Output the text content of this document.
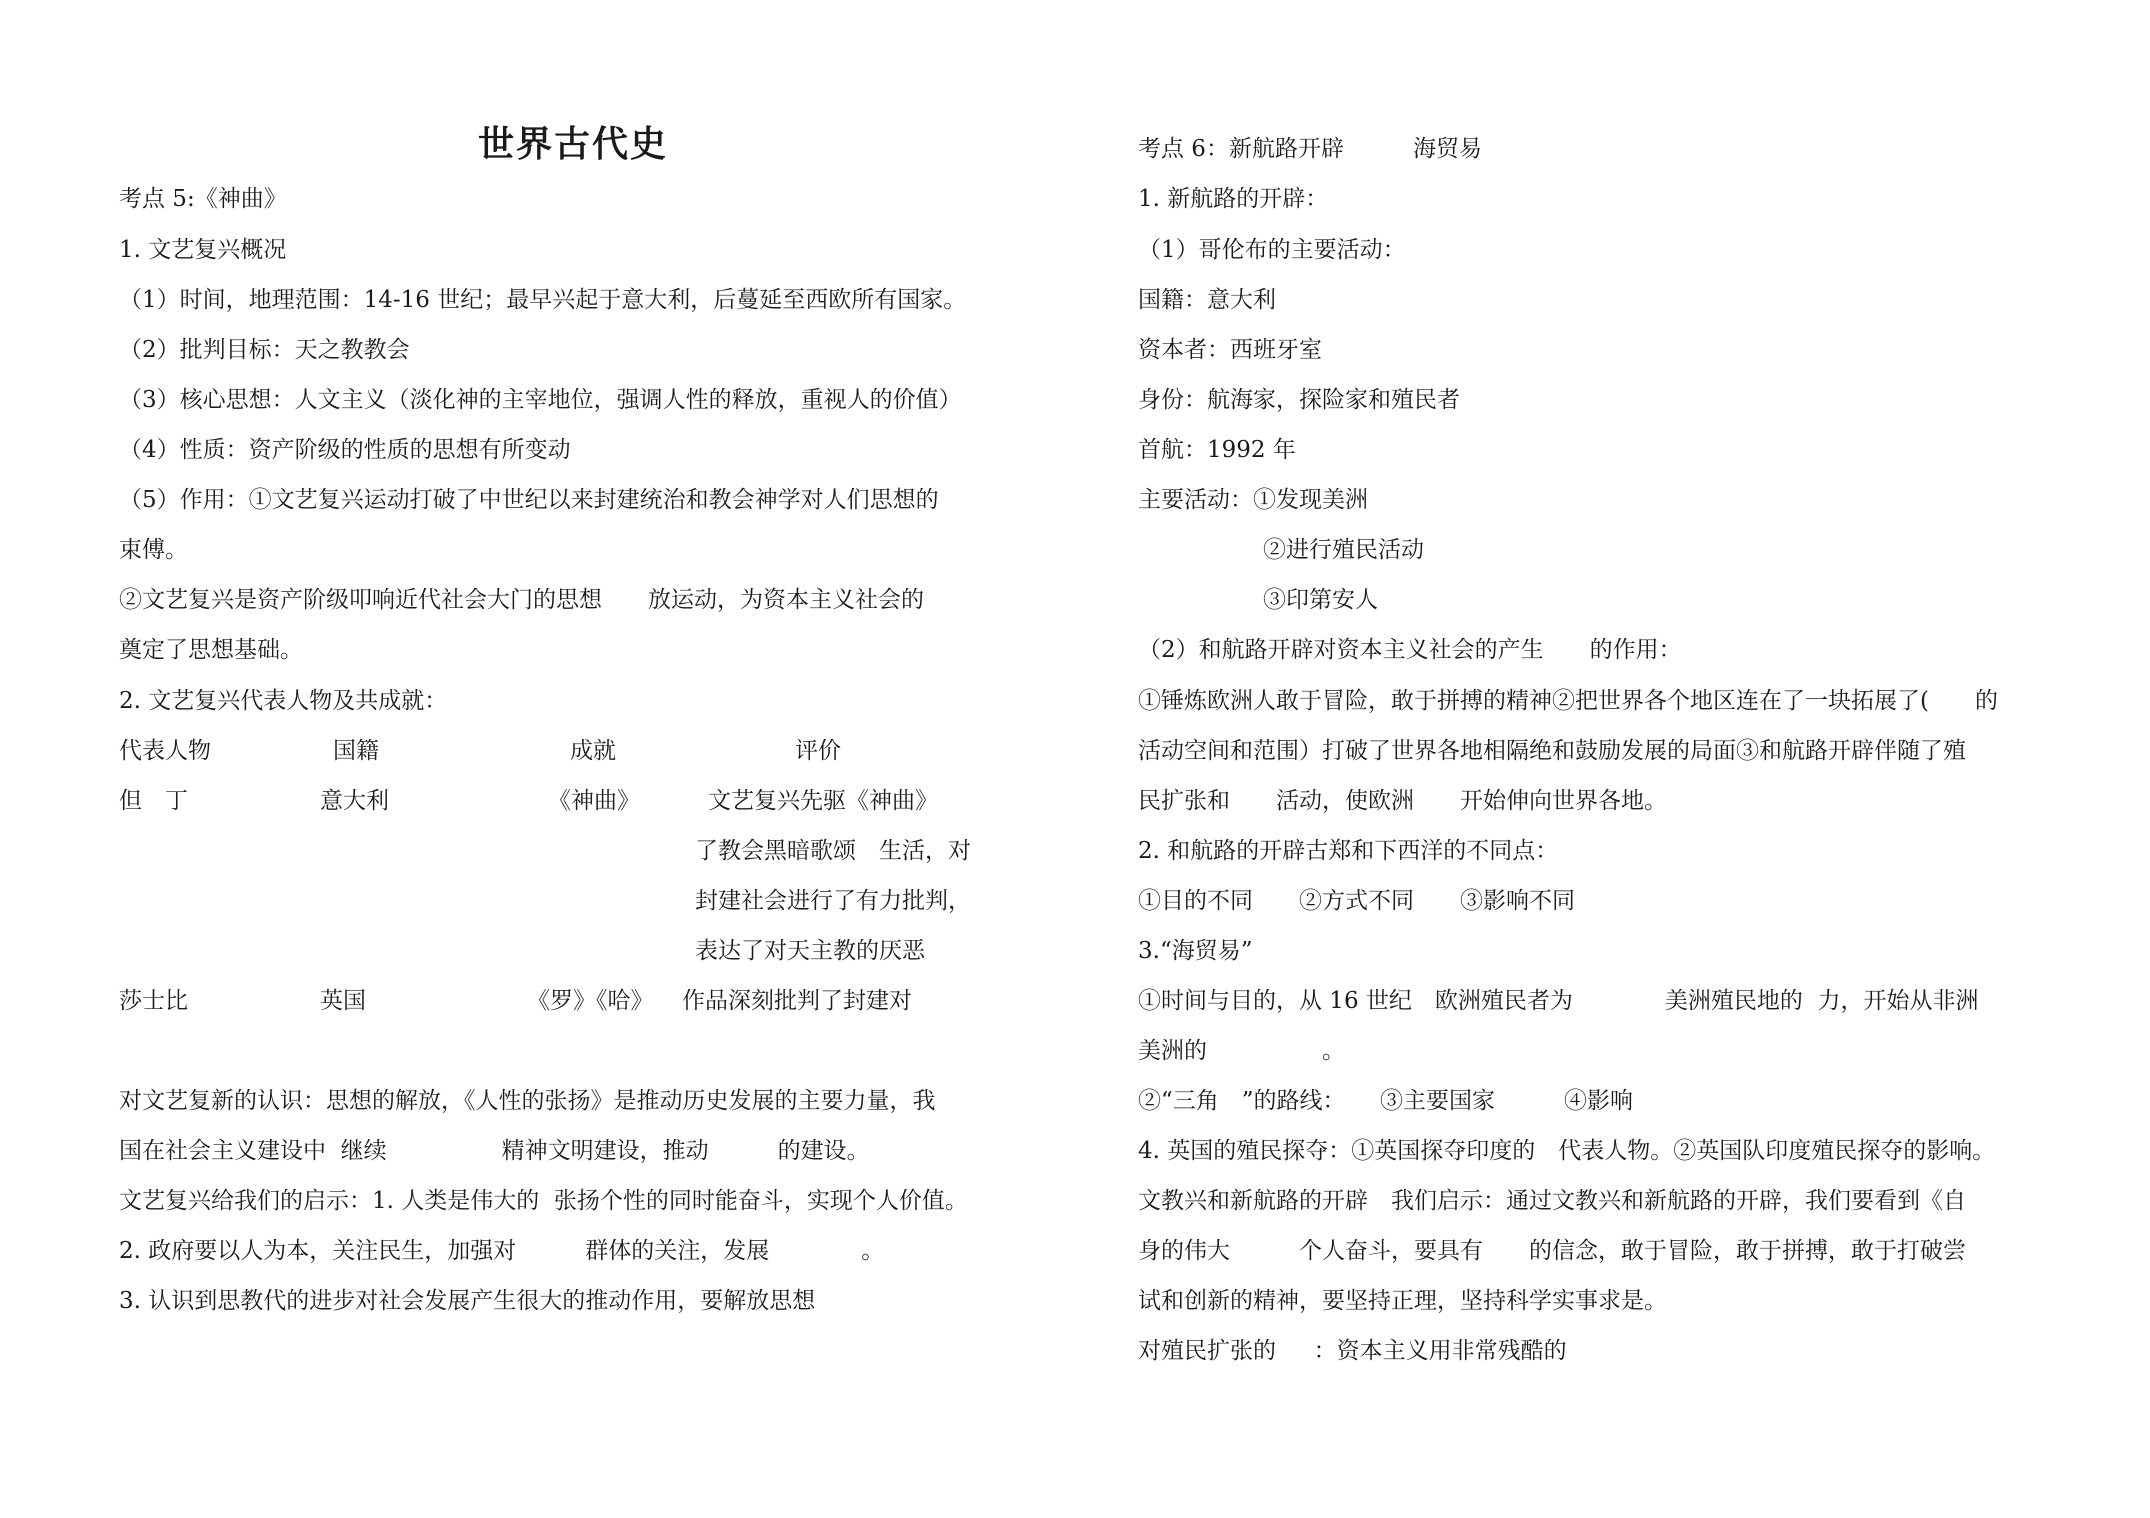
世界古代史
考点 5:《神曲》
1. 文艺复兴概况
（1）时间，地理范围：14-16 世纪；最早兴起于意大利，后蔓延至西欧所有国家。
（2）批判目标：天之教教会
（3）核心思想：人文主义（淡化神的主宰地位，强调人性的释放，重视人的价值）
（4）性质：资产阶级的性质的思想有所变动
（5）作用：①文艺复兴运动打破了中世纪以来封建统治和教会神学对人们思想的
束傅。
②文艺复兴是资产阶级叩响近代社会大门的思想　　放运动，为资本主义社会的
奠定了思想基础。
2. 文艺复兴代表人物及共成就：
代表人物	国籍	成就	评价
但　丁	意大利	《神曲》	文艺复兴先驱《神曲》
了教会黑暗歌颂　生活，对
封建社会进行了有力批判，
表达了对天主教的厌恶
莎士比	英国	《罗》《哈》 作品深刻批判了封建对
对文艺复新的认识：思想的解放，《人性的张扬》是推动历史发展的主要力量，我
国在社会主义建设中  继续　　　　　精神文明建设，推动　　　的建设。
文艺复兴给我们的启示：1. 人类是伟大的  张扬个性的同时能奋斗，实现个人价值。
2. 政府要以人为本，关注民生，加强对　　　群体的关注，发展　　　　。
3. 认识到思教代的进步对社会发展产生很大的推动作用，要解放思想
考点 6：新航路开辟　　　海贸易
1. 新航路的开辟：
（1）哥伦布的主要活动：
国籍：意大利
资本者：西班牙室
身份：航海家，探险家和殖民者
首航：1992 年
主要活动：①发现美洲
②进行殖民活动
③印第安人
（2）和航路开辟对资本主义社会的产生　　的作用：
①锤炼欧洲人敢于冒险，敢于拼搏的精神②把世界各个地区连在了一块拓展了(　　的
活动空间和范围）打破了世界各地相隔绝和鼓励发展的局面③和航路开辟伴随了殖
民扩张和　　活动，使欧洲　　开始伸向世界各地。
2. 和航路的开辟古郑和下西洋的不同点：
①目的不同　　②方式不同　　③影响不同
3.“海贸易”
①时间与目的，从 16 世纪　欧洲殖民者为　　　　美洲殖民地的  力，开始从非洲
美洲的　　　　　。
②“三角　”的路线：　　③主要国家　　　④影响
4. 英国的殖民探夺：①英国探夺印度的　代表人物。②英国队印度殖民探夺的影响。
文教兴和新航路的开辟　我们启示：通过文教兴和新航路的开辟，我们要看到《自
身的伟大　　　个人奋斗，要具有　　的信念，敢于冒险，敢于拼搏，敢于打破尝
试和创新的精神，要坚持正理，坚持科学实事求是。
对殖民扩张的　  ：资本主义用非常残酷的
